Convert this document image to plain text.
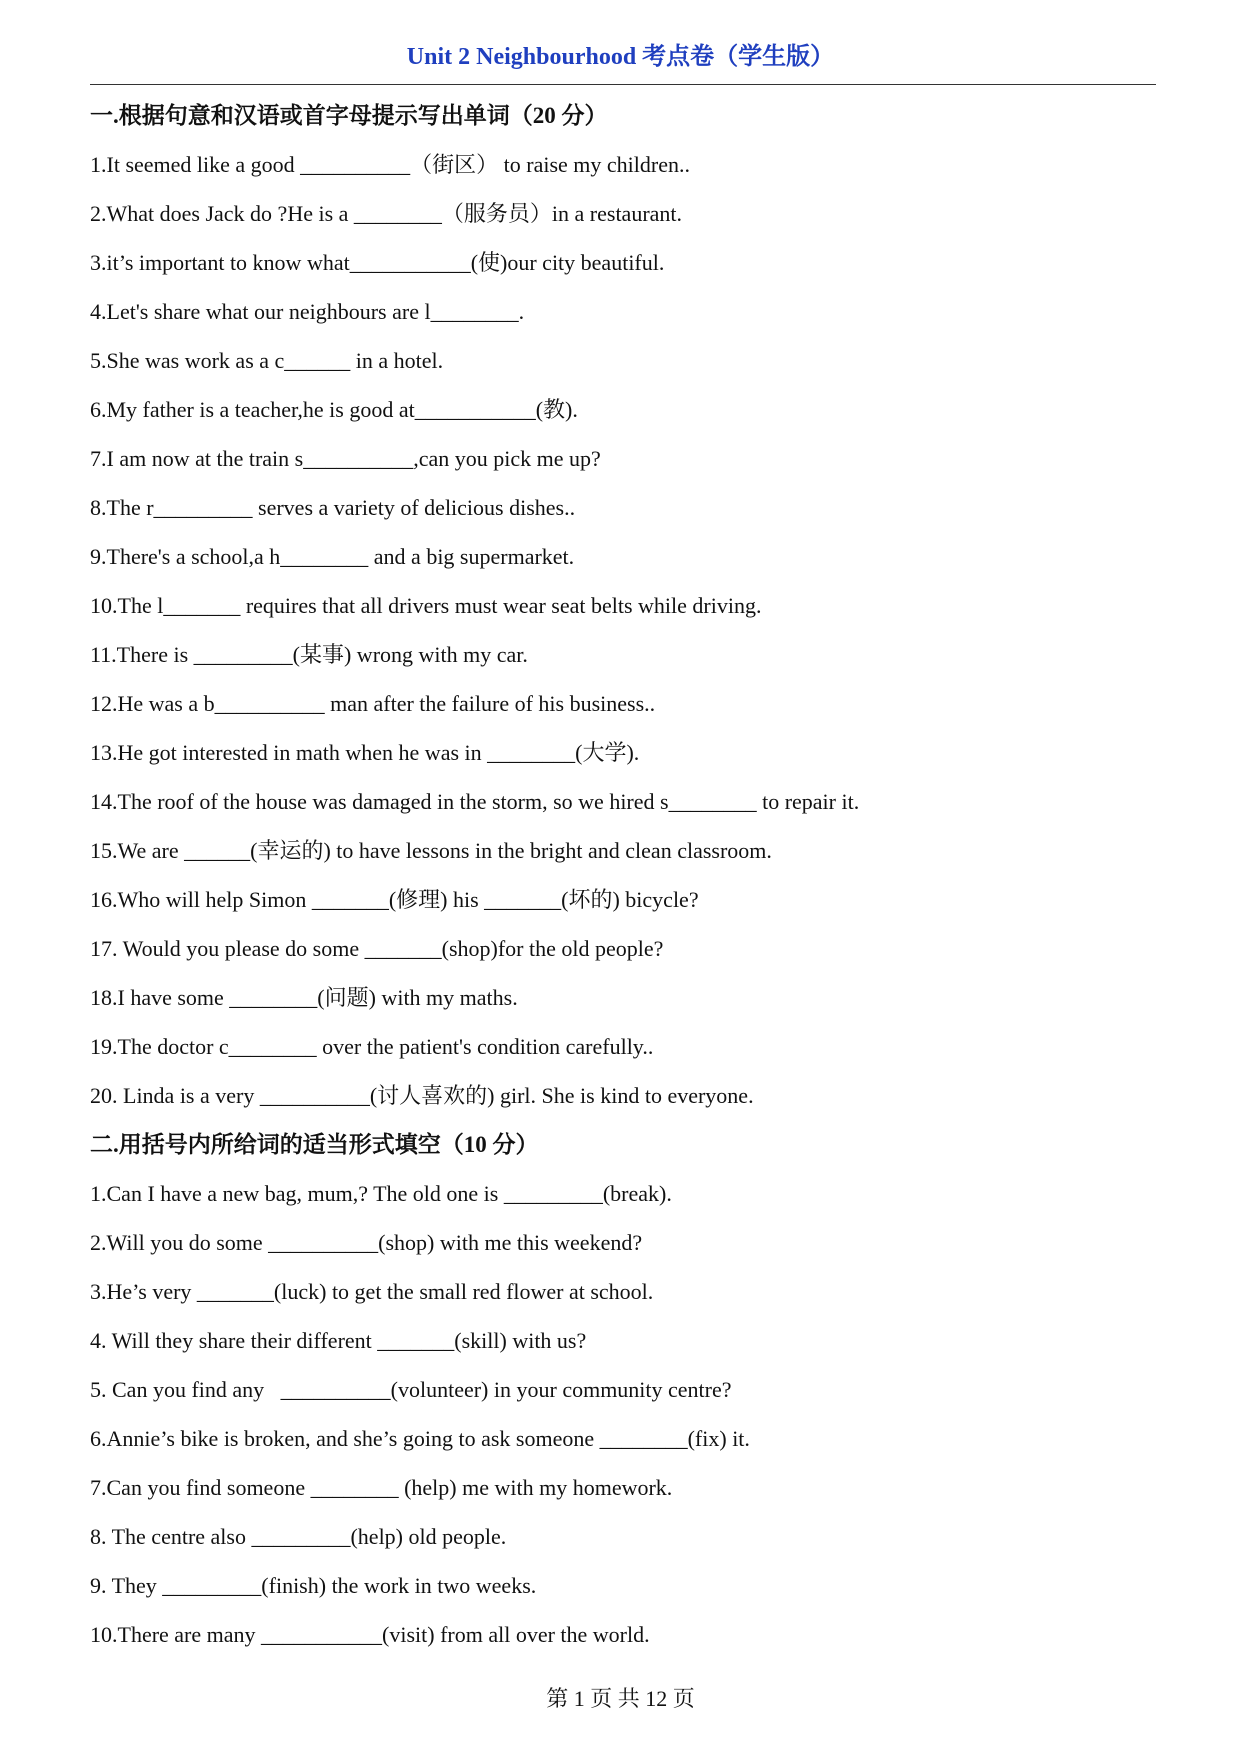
Unit 2 Neighbourhood 考点卷（学生版）
一.根据句意和汉语或首字母提示写出单词（20 分）
1.It seemed like a good __________（街区） to raise my children..
2.What does Jack do ?He is a ________（服务员）in a restaurant.
3.it’s important to know what___________(使)our city beautiful.
4.Let's share what our neighbours are l________.
5.She was work as a c______ in a hotel.
6.My father is a teacher,he is good at___________(教).
7.I am now at the train s__________,can you pick me up?
8.The r_________ serves a variety of delicious dishes..
9.There's a school,a h________ and a big supermarket.
10.The l_______ requires that all drivers must wear seat belts while driving.
11.There is _________(某事) wrong with my car.
12.He was a b__________ man after the failure of his business..
13.He got interested in math when he was in ________(大学).
14.The roof of the house was damaged in the storm, so we hired s________ to repair it.
15.We are ______(幸运的) to have lessons in the bright and clean classroom.
16.Who will help Simon _______(修理) his _______(坏的) bicycle?
17. Would you please do some _______(shop)for the old people?
18.I have some ________(问题) with my maths.
19.The doctor c________ over the patient's condition carefully..
20. Linda is a very __________(讨人喜欢的) girl. She is kind to everyone.
二.用括号内所给词的适当形式填空（10 分）
1.Can I have a new bag, mum,? The old one is _________(break).
2.Will you do some __________(shop) with me this weekend?
3.He’s very _______(luck) to get the small red flower at school.
4. Will they share their different _______(skill) with us?
5. Can you find any   __________(volunteer) in your community centre?
6.Annie’s bike is broken, and she’s going to ask someone ________(fix) it.
7.Can you find someone ________ (help) me with my homework.
8. The centre also _________(help) old people.
9. They _________(finish) the work in two weeks.
10.There are many ___________(visit) from all over the world.
第 1 页 共 12 页
